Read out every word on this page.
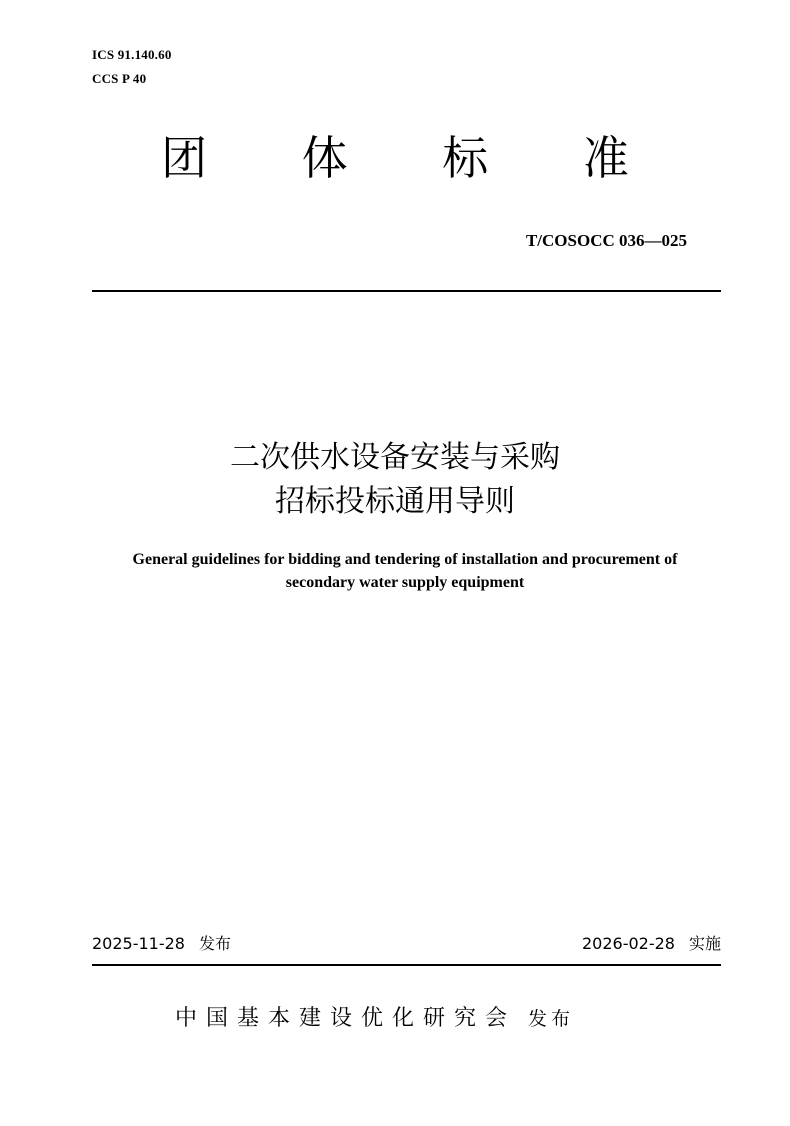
ICS 91.140.60
CCS P 40
团 体 标 准
T/COSOCC 036—025
二次供水设备安装与采购
招标投标通用导则
General guidelines for bidding and tendering of installation and procurement of
secondary water supply equipment
2025-11-28 发布	2026-02-28 实施
中国基本建设优化研究会 发布
